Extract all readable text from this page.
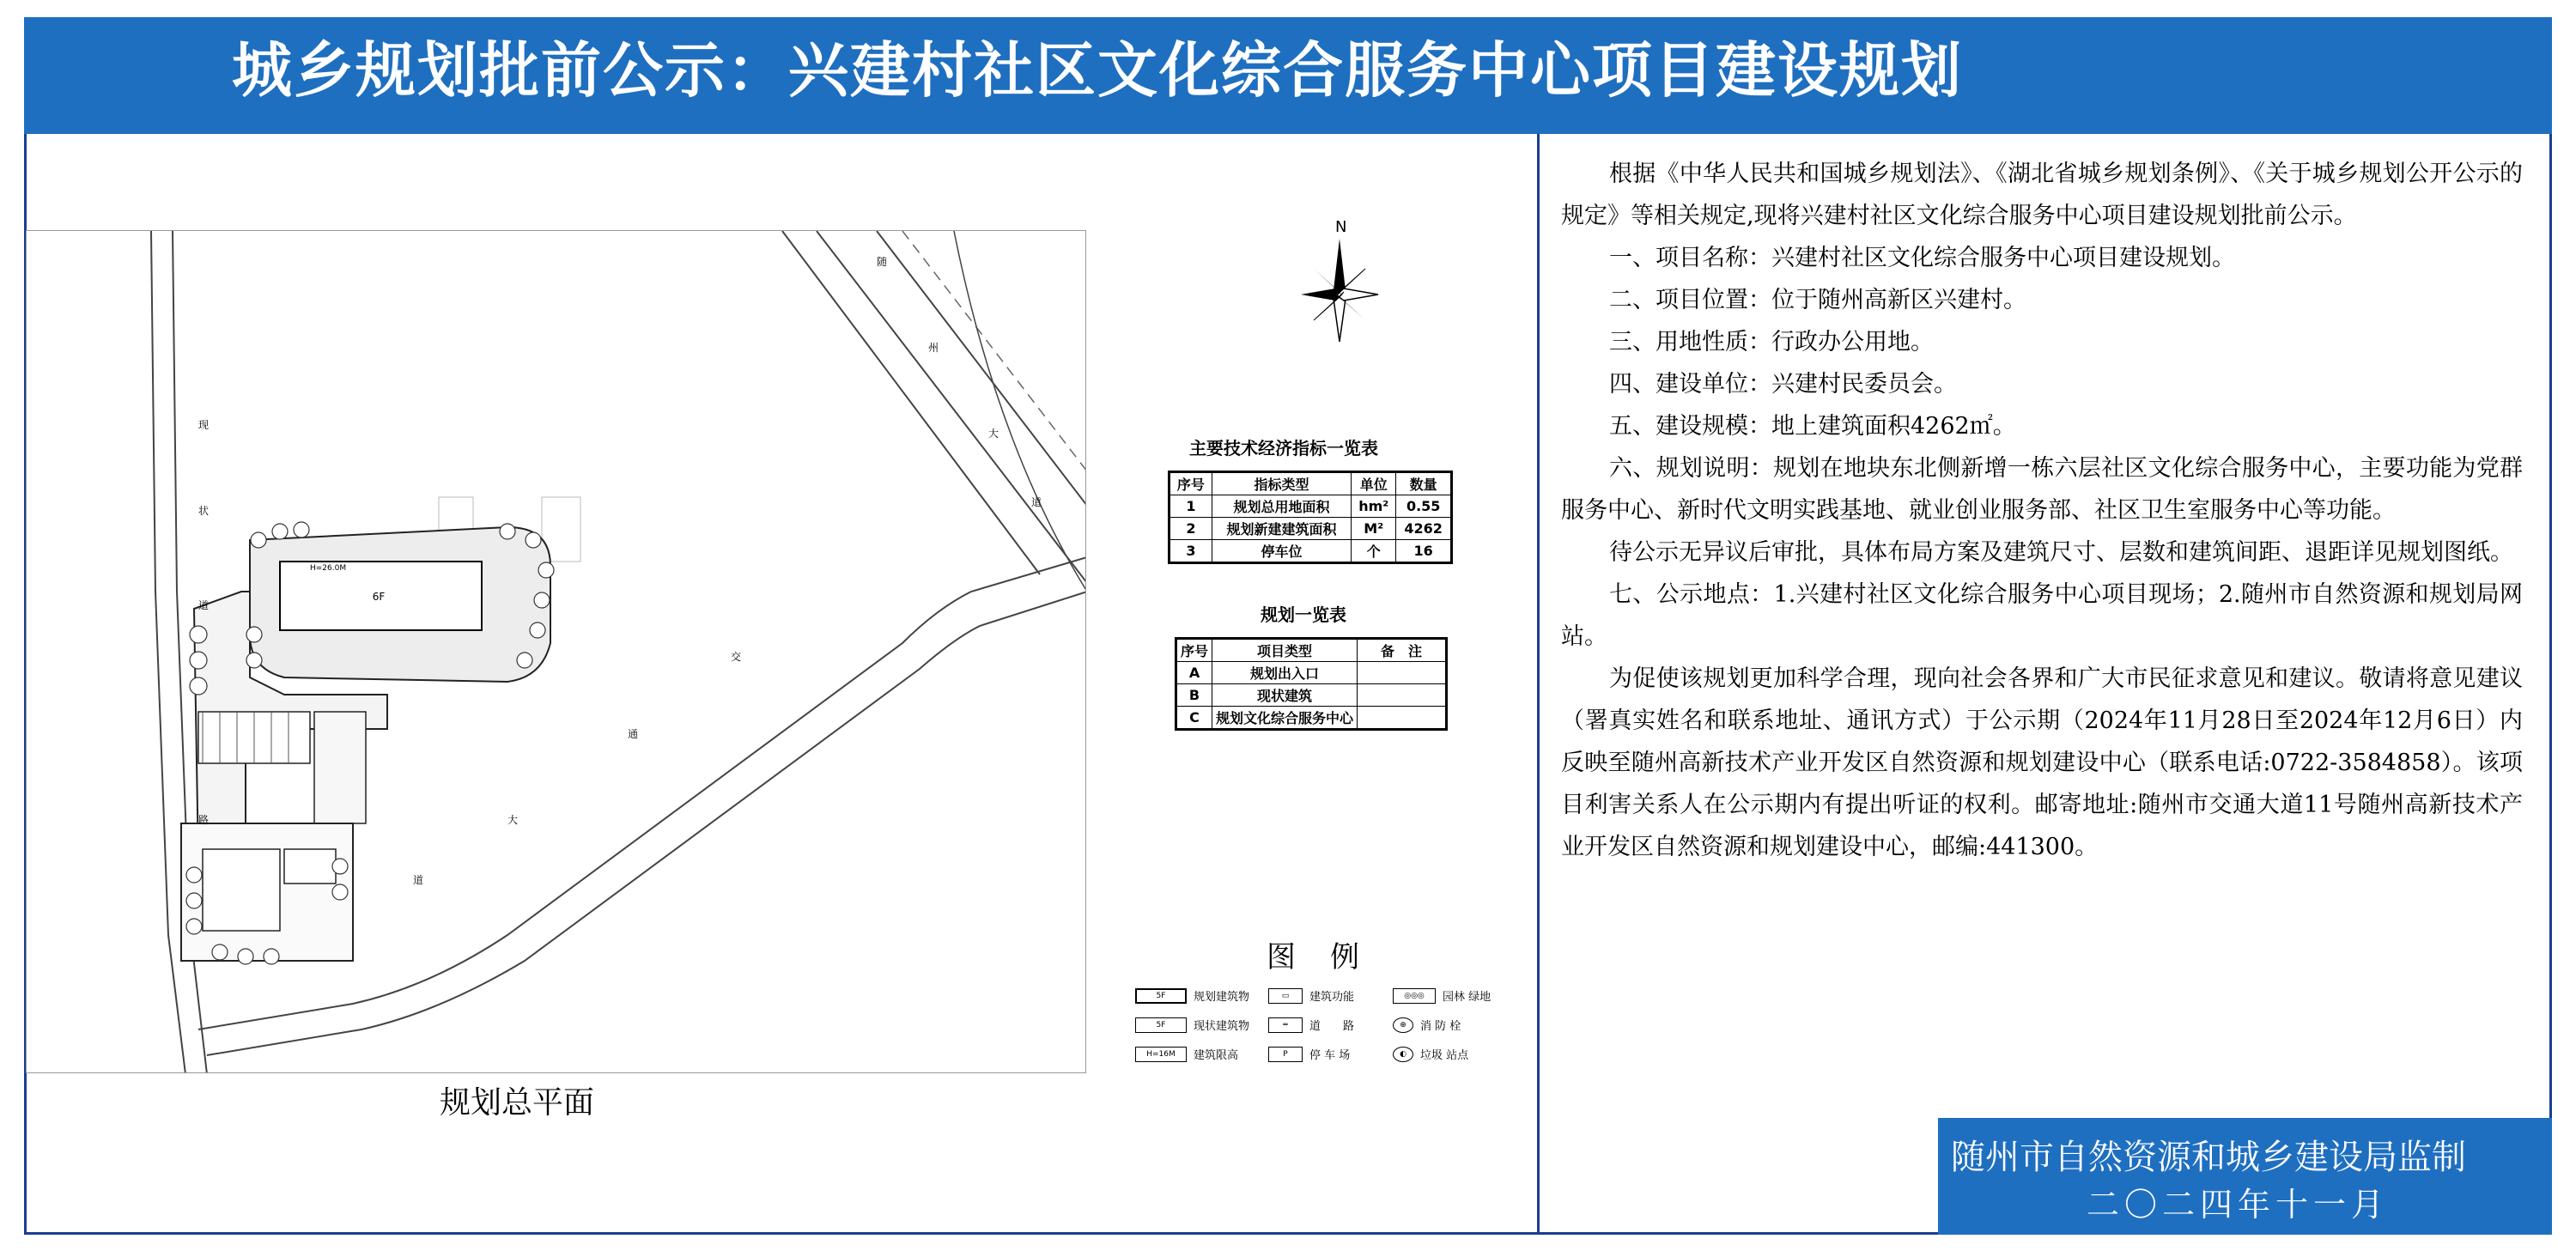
城乡规划批前公示：兴建村社区文化综合服务中心项目建设规划
6F
H=26.0M
现
状
道
路
随
州
大
道
交
通
大
道
规划总平面
N
主要技术经济指标一览表
序号	指标类型	单位	数量
1	规划总用地面积	hm²	0.55
2	规划新建建筑面积	M²	4262
3	停车位	个	16
规划一览表
序号	项目类型	备　注
A	规划出入口	
B	现状建筑	
C	规划文化综合服务中心	
图例
5F	规划建筑物
5F	现状建筑物
H=16M	建筑限高
▭	建筑功能
═	道　　路
P	停 车 场
◎◎◎	园林 绿地
⊕	消 防 栓
◐	垃圾 站点

根据《中华人民共和国城乡规划法》、《湖北省城乡规划条例》、《关于城乡规划公开公示的规定》等相关规定,现将兴建村社区文化综合服务中心项目建设规划批前公示。

一、项目名称：兴建村社区文化综合服务中心项目建设规划。

二、项目位置：位于随州高新区兴建村。

三、用地性质：行政办公用地。

四、建设单位：兴建村民委员会。

五、建设规模：地上建筑面积4262㎡。

六、规划说明：规划在地块东北侧新增一栋六层社区文化综合服务中心，主要功能为党群服务中心、新时代文明实践基地、就业创业服务部、社区卫生室服务中心等功能。

待公示无异议后审批，具体布局方案及建筑尺寸、层数和建筑间距、退距详见规划图纸。

七、公示地点：1.兴建村社区文化综合服务中心项目现场；2.随州市自然资源和规划局网站。

为促使该规划更加科学合理，现向社会各界和广大市民征求意见和建议。敬请将意见建议（署真实姓名和联系地址、通讯方式）于公示期（2024年11月28日至2024年12月6日）内反映至随州高新技术产业开发区自然资源和规划建设中心（联系电话:0722-3584858）。该项目利害关系人在公示期内有提出听证的权利。邮寄地址:随州市交通大道11号随州高新技术产业开发区自然资源和规划建设中心，邮编:441300。

随州市自然资源和城乡建设局监制
二〇二四年十一月
